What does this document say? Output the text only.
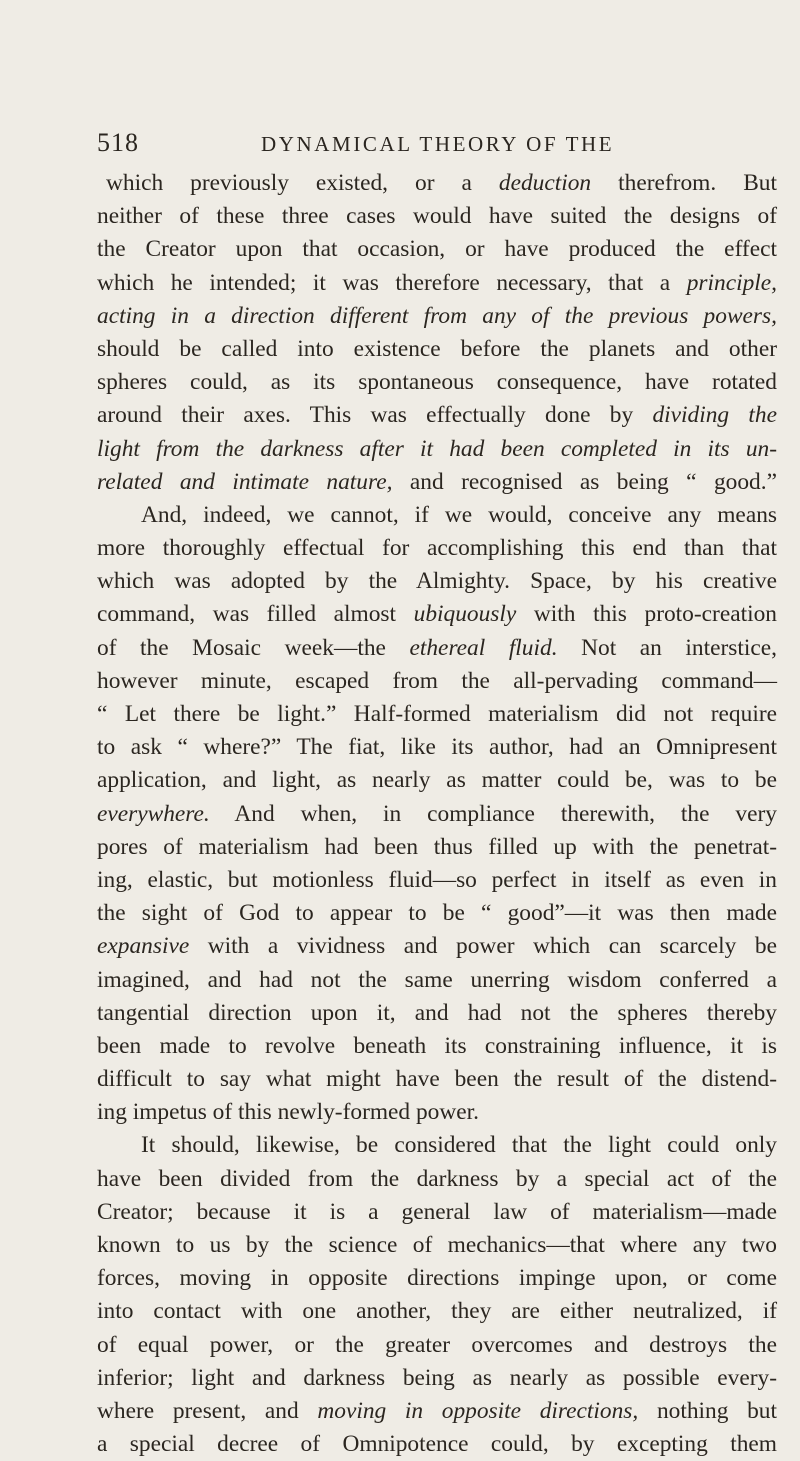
518	DYNAMICAL THEORY OF THE
which previously existed, or a deduction therefrom. But
neither of these three cases would have suited the designs of
the Creator upon that occasion, or have produced the effect
which he intended; it was therefore necessary, that a principle,
acting in a direction different from any of the previous powers,
should be called into existence before the planets and other
spheres could, as its spontaneous consequence, have rotated
around their axes. This was effectually done by dividing the
light from the darkness after it had been completed in its un-
related and intimate nature, and recognised as being “ good.”
And, indeed, we cannot, if we would, conceive any means
more thoroughly effectual for accomplishing this end than that
which was adopted by the Almighty. Space, by his creative
command, was filled almost ubiquously with this proto-creation
of the Mosaic week—the ethereal fluid. Not an interstice,
however minute, escaped from the all-pervading command—
“ Let there be light.” Half-formed materialism did not require
to ask “ where?” The fiat, like its author, had an Omnipresent
application, and light, as nearly as matter could be, was to be
everywhere. And when, in compliance therewith, the very
pores of materialism had been thus filled up with the penetrat-
ing, elastic, but motionless fluid—so perfect in itself as even in
the sight of God to appear to be “ good”—it was then made
expansive with a vividness and power which can scarcely be
imagined, and had not the same unerring wisdom conferred a
tangential direction upon it, and had not the spheres thereby
been made to revolve beneath its constraining influence, it is
difficult to say what might have been the result of the distend-
ing impetus of this newly-formed power.
It should, likewise, be considered that the light could only
have been divided from the darkness by a special act of the
Creator; because it is a general law of materialism—made
known to us by the science of mechanics—that where any two
forces, moving in opposite directions impinge upon, or come
into contact with one another, they are either neutralized, if
of equal power, or the greater overcomes and destroys the
inferior; light and darkness being as nearly as possible every-
where present, and moving in opposite directions, nothing but
a special decree of Omnipotence could, by excepting them
